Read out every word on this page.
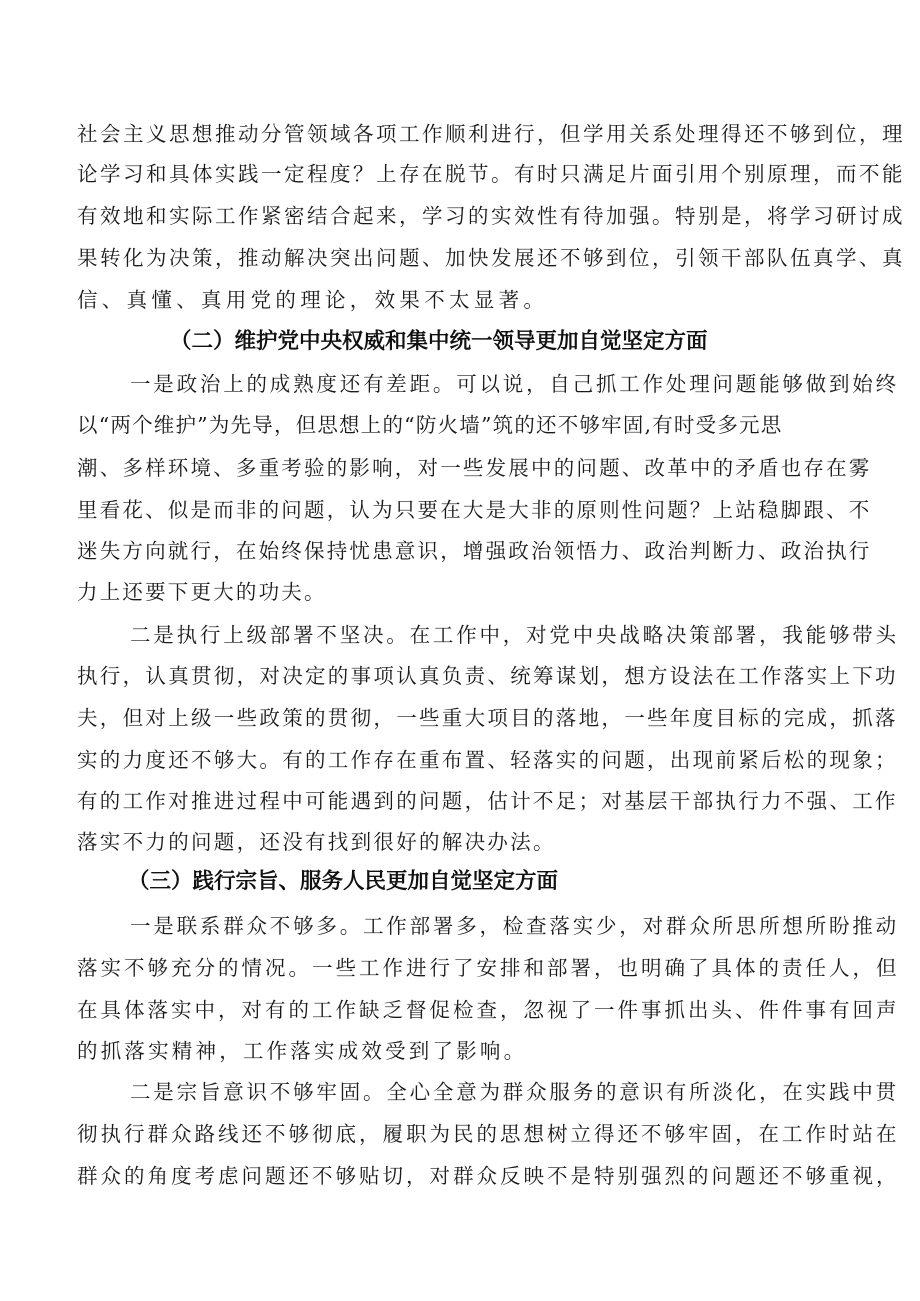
社会主义思想推动分管领域各项工作顺利进行，但学用关系处理得还不够到位，理
论学习和具体实践一定程度？上存在脱节。有时只满足片面引用个别原理，而不能
有效地和实际工作紧密结合起来，学习的实效性有待加强。特别是，将学习研讨成
果转化为决策，推动解决突出问题、加快发展还不够到位，引领干部队伍真学、真
信、真懂、真用党的理论，效果不太显著。
（二）维护党中央权威和集中统一领导更加自觉坚定方面
一是政治上的成熟度还有差距。可以说，自己抓工作处理问题能够做到始终
以“两个维护”为先导，但思想上的“防火墙”筑的还不够牢固,有时受多元思
潮、多样环境、多重考验的影响，对一些发展中的问题、改革中的矛盾也存在雾
里看花、似是而非的问题，认为只要在大是大非的原则性问题？上站稳脚跟、不
迷失方向就行，在始终保持忧患意识，增强政治领悟力、政治判断力、政治执行
力上还要下更大的功夫。
二是执行上级部署不坚决。在工作中，对党中央战略决策部署，我能够带头
执行，认真贯彻，对决定的事项认真负责、统筹谋划，想方设法在工作落实上下功
夫，但对上级一些政策的贯彻，一些重大项目的落地，一些年度目标的完成，抓落
实的力度还不够大。有的工作存在重布置、轻落实的问题，出现前紧后松的现象；
有的工作对推进过程中可能遇到的问题，估计不足；对基层干部执行力不强、工作
落实不力的问题，还没有找到很好的解决办法。
（三）践行宗旨、服务人民更加自觉坚定方面
一是联系群众不够多。工作部署多，检查落实少，对群众所思所想所盼推动
落实不够充分的情况。一些工作进行了安排和部署，也明确了具体的责任人，但
在具体落实中，对有的工作缺乏督促检查，忽视了一件事抓出头、件件事有回声
的抓落实精神，工作落实成效受到了影响。
二是宗旨意识不够牢固。全心全意为群众服务的意识有所淡化，在实践中贯
彻执行群众路线还不够彻底，履职为民的思想树立得还不够牢固，在工作时站在
群众的角度考虑问题还不够贴切，对群众反映不是特别强烈的问题还不够重视，
